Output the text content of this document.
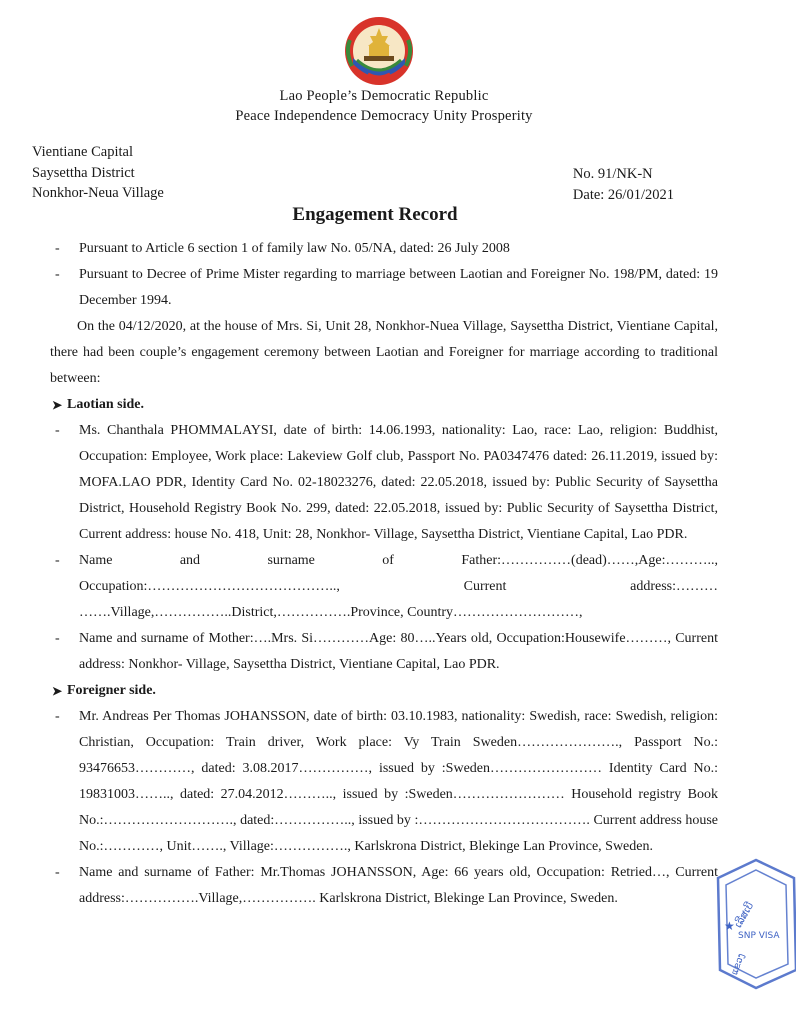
Lao People’s Democratic Republic
Peace Independence Democracy Unity Prosperity
Vientiane Capital
Saysettha District
Nonkhor-Neua Village
No. 91/NK-N
Date: 26/01/2021
Engagement Record

- Pursuant to Article 6 section 1 of family law No. 05/NA, dated: 26 July 2008

- Pursuant to Decree of Prime Mister regarding to marriage between Laotian and Foreigner No. 198/PM, dated: 19 December 1994.

On the 04/12/2020, at the house of Mrs. Si, Unit 28, Nonkhor-Nuea Village, Saysettha District, Vientiane Capital, there had been couple’s engagement ceremony between Laotian and Foreigner for marriage according to traditional between:

➤ Laotian side.

- Ms. Chanthala PHOMMALAYSI, date of birth: 14.06.1993, nationality: Lao, race: Lao, religion: Buddhist, Occupation: Employee, Work place: Lakeview Golf club, Passport No. PA0347476 dated: 26.11.2019, issued by: MOFA.LAO PDR, Identity Card No. 02-18023276, dated: 22.05.2018, issued by: Public Security of Saysettha District, Household Registry Book No. 299, dated: 22.05.2018, issued by: Public Security of Saysettha District, Current address: house No. 418, Unit: 28, Nonkhor- Village, Saysettha District, Vientiane Capital, Lao PDR.

- Name and surname of Father:……………(dead)……,Age:……….., Occupation:………………………………….., Current address:……… …….Village,……………..District,…………….Province, Country………………………,

- Name and surname of Mother:….Mrs. Si…………Age: 80…..Years old, Occupation:Housewife………, Current address: Nonkhor- Village, Saysettha District, Vientiane Capital, Lao PDR.

➤ Foreigner side.

- Mr. Andreas Per Thomas JOHANSSON, date of birth: 03.10.1983, nationality: Swedish, race: Swedish, religion: Christian, Occupation: Train driver, Work place: Vy Train Sweden…………………., Passport No.: 93476653…………, dated: 3.08.2017……………, issued by :Sweden…………………… Identity Card No.: 19831003…….., dated: 27.04.2012……….., issued by :Sweden…………………… Household registry Book No.:………………………., dated:…………….., issued by :………………………………. Current address house No.:…………, Unit……., Village:……………., Karlskrona District, Blekinge Lan Province, Sweden.

- Name and surname of Father: Mr.Thomas JOHANSSON, Age: 66 years old, Occupation: Retried…, Current address:…………….Village,……………. Karlskrona District, Blekinge Lan Province, Sweden.

ເລີສເບີ
SNP VISA
ແຂວງ
★
